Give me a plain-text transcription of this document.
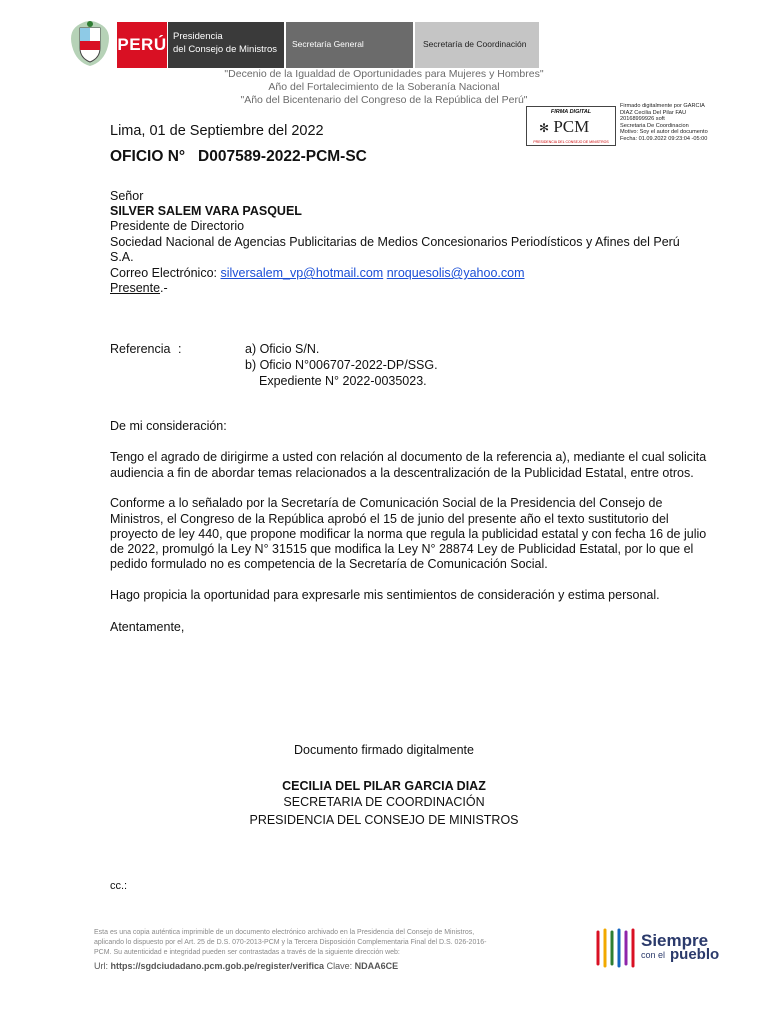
PERÚ Presidencia
del Consejo de Ministros	Secretaría General	Secretaría de Coordinación
"Decenio de la Igualdad de Oportunidades para Mujeres y Hombres"
Año del Fortalecimiento de la Soberanía Nacional
"Año del Bicentenario del Congreso de la República del Perú"
FIRMA DIGITAL
✻ PCM
PRESIDENCIA DEL CONSEJO DE MINISTROS
Firmado digitalmente por GARCIA
DIAZ Cecilia Del Pilar FAU
20168999926 soft
Secretaria De Coordinacion
Motivo: Soy el autor del documento
Fecha: 01.09.2022 09:23:04 -05:00
Lima, 01 de Septiembre del 2022
OFICIO N° D007589-2022-PCM-SC
Señor
SILVER SALEM VARA PASQUEL
Presidente de Directorio
Sociedad Nacional de Agencias Publicitarias de Medios Concesionarios Periodísticos y Afines del Perú
S.A.
Correo Electrónico: silversalem_vp@hotmail.com nroquesolis@yahoo.com
Presente.-
Referencia :	a) Oficio S/N.
b) Oficio N°006707-2022-DP/SSG.
Expediente N° 2022-0035023.
De mi consideración:
Tengo el agrado de dirigirme a usted con relación al documento de la referencia a), mediante el cual solicita
audiencia a fin de abordar temas relacionados a la descentralización de la Publicidad Estatal, entre otros.
Conforme a lo señalado por la Secretaría de Comunicación Social de la Presidencia del Consejo de
Ministros, el Congreso de la República aprobó el 15 de junio del presente año el texto sustitutorio del
proyecto de ley 440, que propone modificar la norma que regula la publicidad estatal y con fecha 16 de julio
de 2022, promulgó la Ley N° 31515 que modifica la Ley N° 28874 Ley de Publicidad Estatal, por lo que el
pedido formulado no es competencia de la Secretaría de Comunicación Social.
Hago propicia la oportunidad para expresarle mis sentimientos de consideración y estima personal.
Atentamente,
Documento firmado digitalmente
CECILIA DEL PILAR GARCIA DIAZ
SECRETARIA DE COORDINACIÓN
PRESIDENCIA DEL CONSEJO DE MINISTROS
cc.:
Esta es una copia auténtica imprimible de un documento electrónico archivado en la Presidencia del Consejo de Ministros,
aplicando lo dispuesto por el Art. 25 de D.S. 070-2013-PCM y la Tercera Disposición Complementaria Final del D.S. 026-2016-
PCM. Su autenticidad e integridad pueden ser contrastadas a través de la siguiente dirección web:
Url: https://sgdciudadano.pcm.gob.pe/register/verifica Clave: NDAA6CE
Siempre
con el pueblo
